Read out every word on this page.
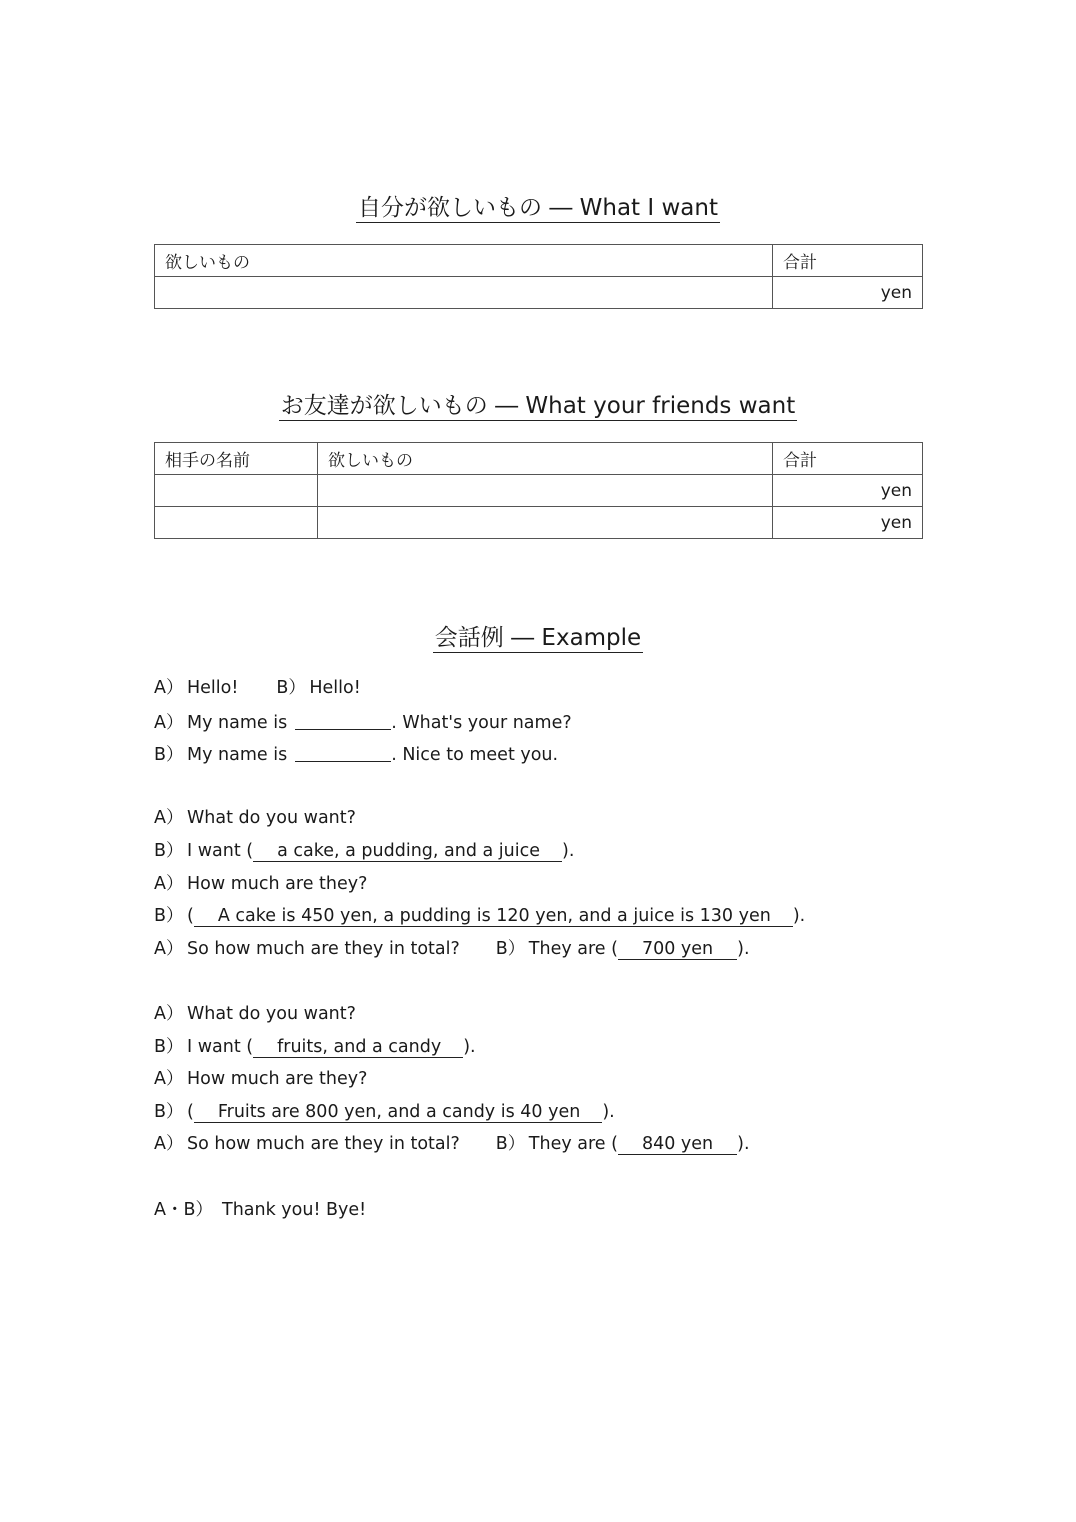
自分が欲しいもの ― What I want
欲しいもの	合計
	yen
お友達が欲しいもの ― What your friends want
相手の名前	欲しいもの	合計
		yen
		yen
会話例 ― Example
A） Hello! B） Hello!
A） My name is	. What's your name?
B） My name is	. Nice to meet you.
A） What do you want?
B） I want ( a cake, a pudding, and a juice ).
A） How much are they?
B） ( A cake is 450 yen, a pudding is 120 yen, and a juice is 130 yen ).
A） So how much are they in total? B） They are ( 700 yen ).
A） What do you want?
B） I want ( fruits, and a candy ).
A） How much are they?
B） ( Fruits are 800 yen, and a candy is 40 yen ).
A） So how much are they in total? B） They are ( 840 yen ).
A・B） Thank you! Bye!
